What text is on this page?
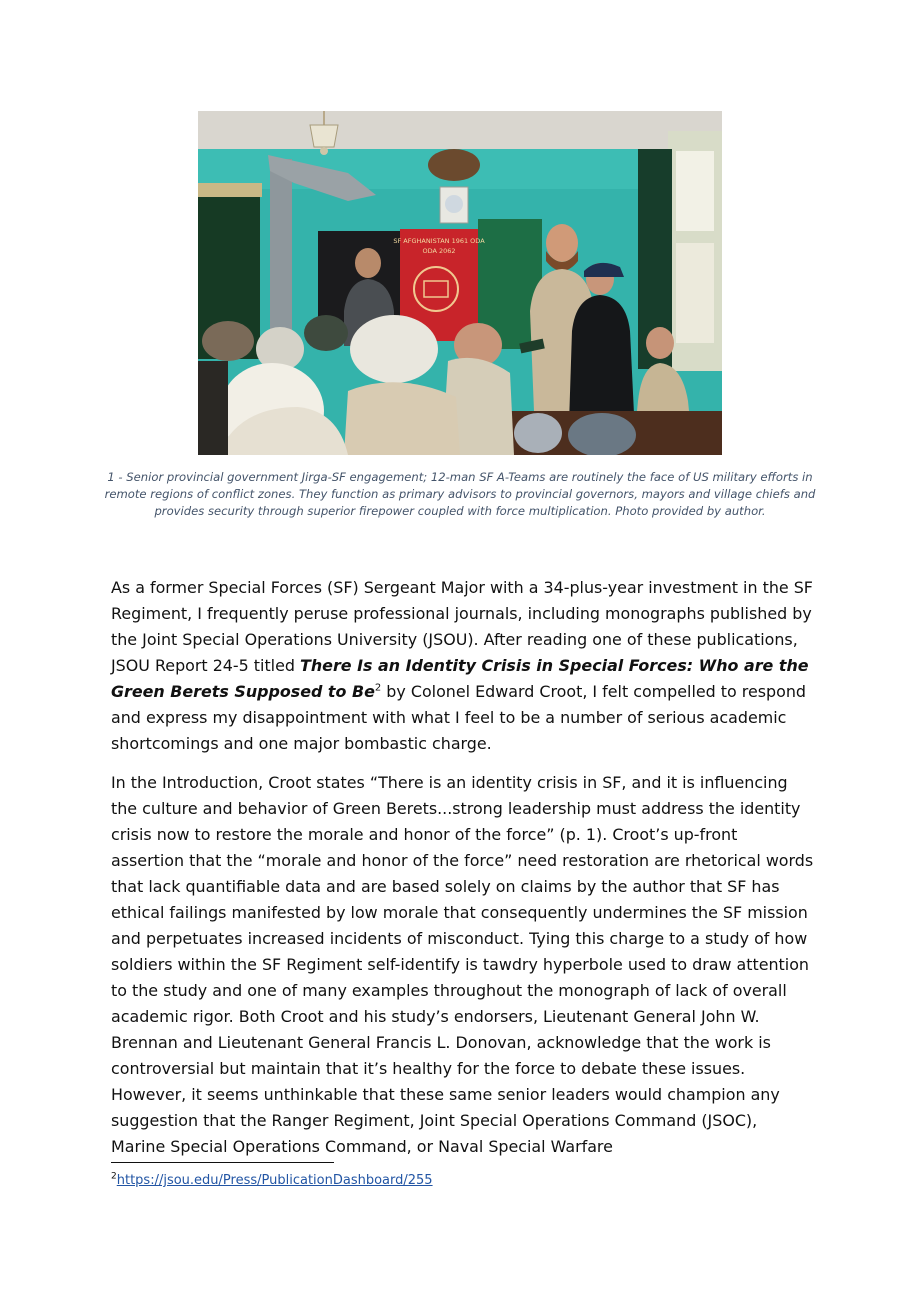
SF AFGHANISTAN 1961 ODA
ODA 2062
1 - Senior provincial government Jirga-SF engagement; 12-man SF A-Teams are routinely the face of US military efforts in remote regions of conflict zones. They function as primary advisors to provincial governors, mayors and village chiefs and provides security through superior firepower coupled with force multiplication. Photo provided by author.

As a former Special Forces (SF) Sergeant Major with a 34-plus-year investment in the SF Regiment, I frequently peruse professional journals, including monographs published by the Joint Special Operations University (JSOU). After reading one of these publications, JSOU Report 24-5 titled There Is an Identity Crisis in Special Forces: Who are the Green Berets Supposed to Be$^2$ by Colonel Edward Croot, I felt compelled to respond and express my disappointment with what I feel to be a number of serious academic shortcomings and one major bombastic charge.

In the Introduction, Croot states “There is an identity crisis in SF, and it is influencing the culture and behavior of Green Berets...strong leadership must address the identity crisis now to restore the morale and honor of the force” (p. 1). Croot’s up-front assertion that the “morale and honor of the force” need restoration are rhetorical words that lack quantifiable data and are based solely on claims by the author that SF has ethical failings manifested by low morale that consequently undermines the SF mission and perpetuates increased incidents of misconduct. Tying this charge to a study of how soldiers within the SF Regiment self-identify is tawdry hyperbole used to draw attention to the study and one of many examples throughout the monograph of lack of overall academic rigor. Both Croot and his study’s endorsers, Lieutenant General John W. Brennan and Lieutenant General Francis L. Donovan, acknowledge that the work is controversial but maintain that it’s healthy for the force to debate these issues. However, it seems unthinkable that these same senior leaders would champion any suggestion that the Ranger Regiment, Joint Special Operations Command (JSOC), Marine Special Operations Command, or Naval Special Warfare

$^2$https://jsou.edu/Press/PublicationDashboard/255
